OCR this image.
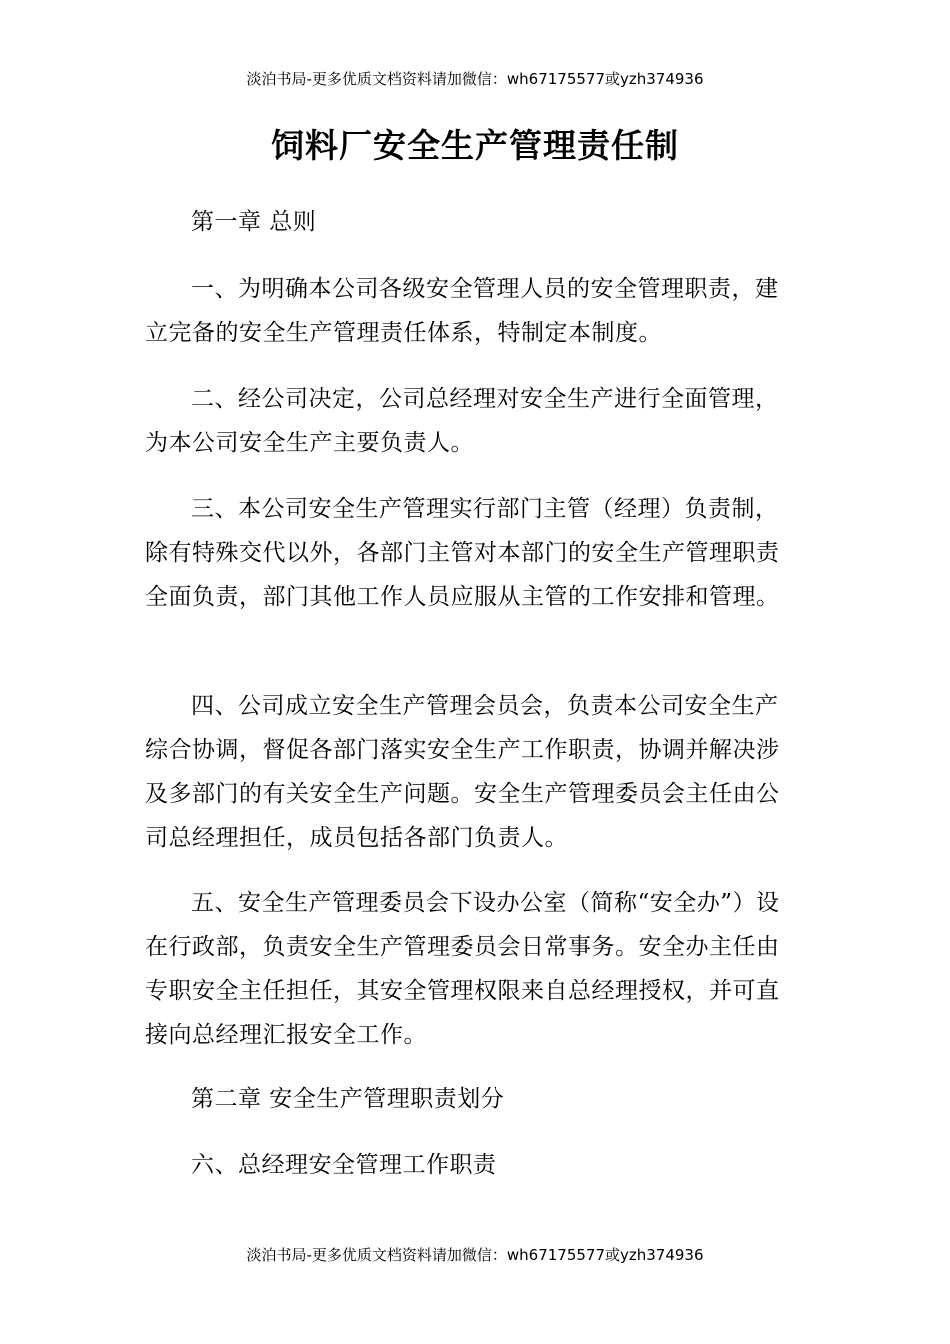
淡泊书局-更多优质文档资料请加微信：wh67175577或yzh374936
饲料厂安全生产管理责任制

第一章 总则

一、为明确本公司各级安全管理人员的安全管理职责，建立完备的安全生产管理责任体系，特制定本制度。

二、经公司决定，公司总经理对安全生产进行全面管理，为本公司安全生产主要负责人。

三、本公司安全生产管理实行部门主管（经理）负责制，除有特殊交代以外，各部门主管对本部门的安全生产管理职责全面负责，部门其他工作人员应服从主管的工作安排和管理。

四、公司成立安全生产管理会员会，负责本公司安全生产综合协调，督促各部门落实安全生产工作职责，协调并解决涉及多部门的有关安全生产问题。安全生产管理委员会主任由公司总经理担任，成员包括各部门负责人。

五、安全生产管理委员会下设办公室（简称“安全办”）设在行政部，负责安全生产管理委员会日常事务。安全办主任由专职安全主任担任，其安全管理权限来自总经理授权，并可直接向总经理汇报安全工作。

第二章 安全生产管理职责划分

六、总经理安全管理工作职责

淡泊书局-更多优质文档资料请加微信：wh67175577或yzh374936
